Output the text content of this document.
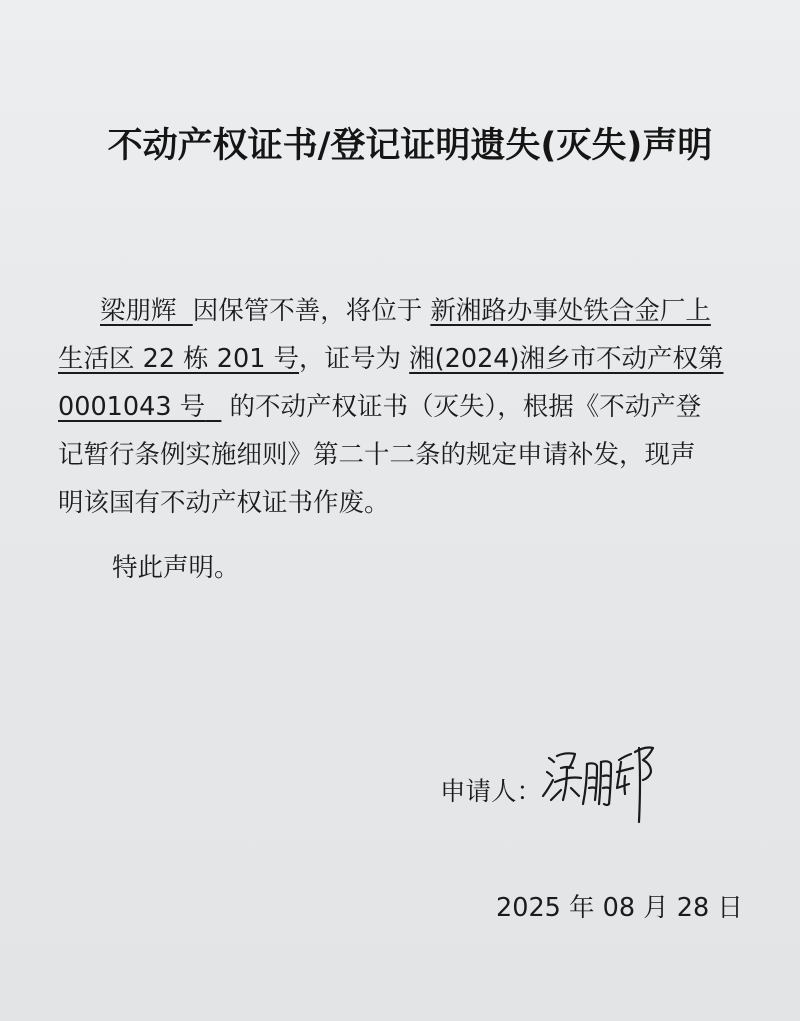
不动产权证书/登记证明遗失(灭失)声明
梁朋辉 因保管不善，将位于 新湘路办事处铁合金厂上
生活区 22 栋 201 号，证号为 湘(2024)湘乡市不动产权第
0001043 号 的不动产权证书（灭失），根据《不动产登
记暂行条例实施细则》第二十二条的规定申请补发，现声
明该国有不动产权证书作废。
特此声明。
申请人：
2025 年 08 月 28 日
